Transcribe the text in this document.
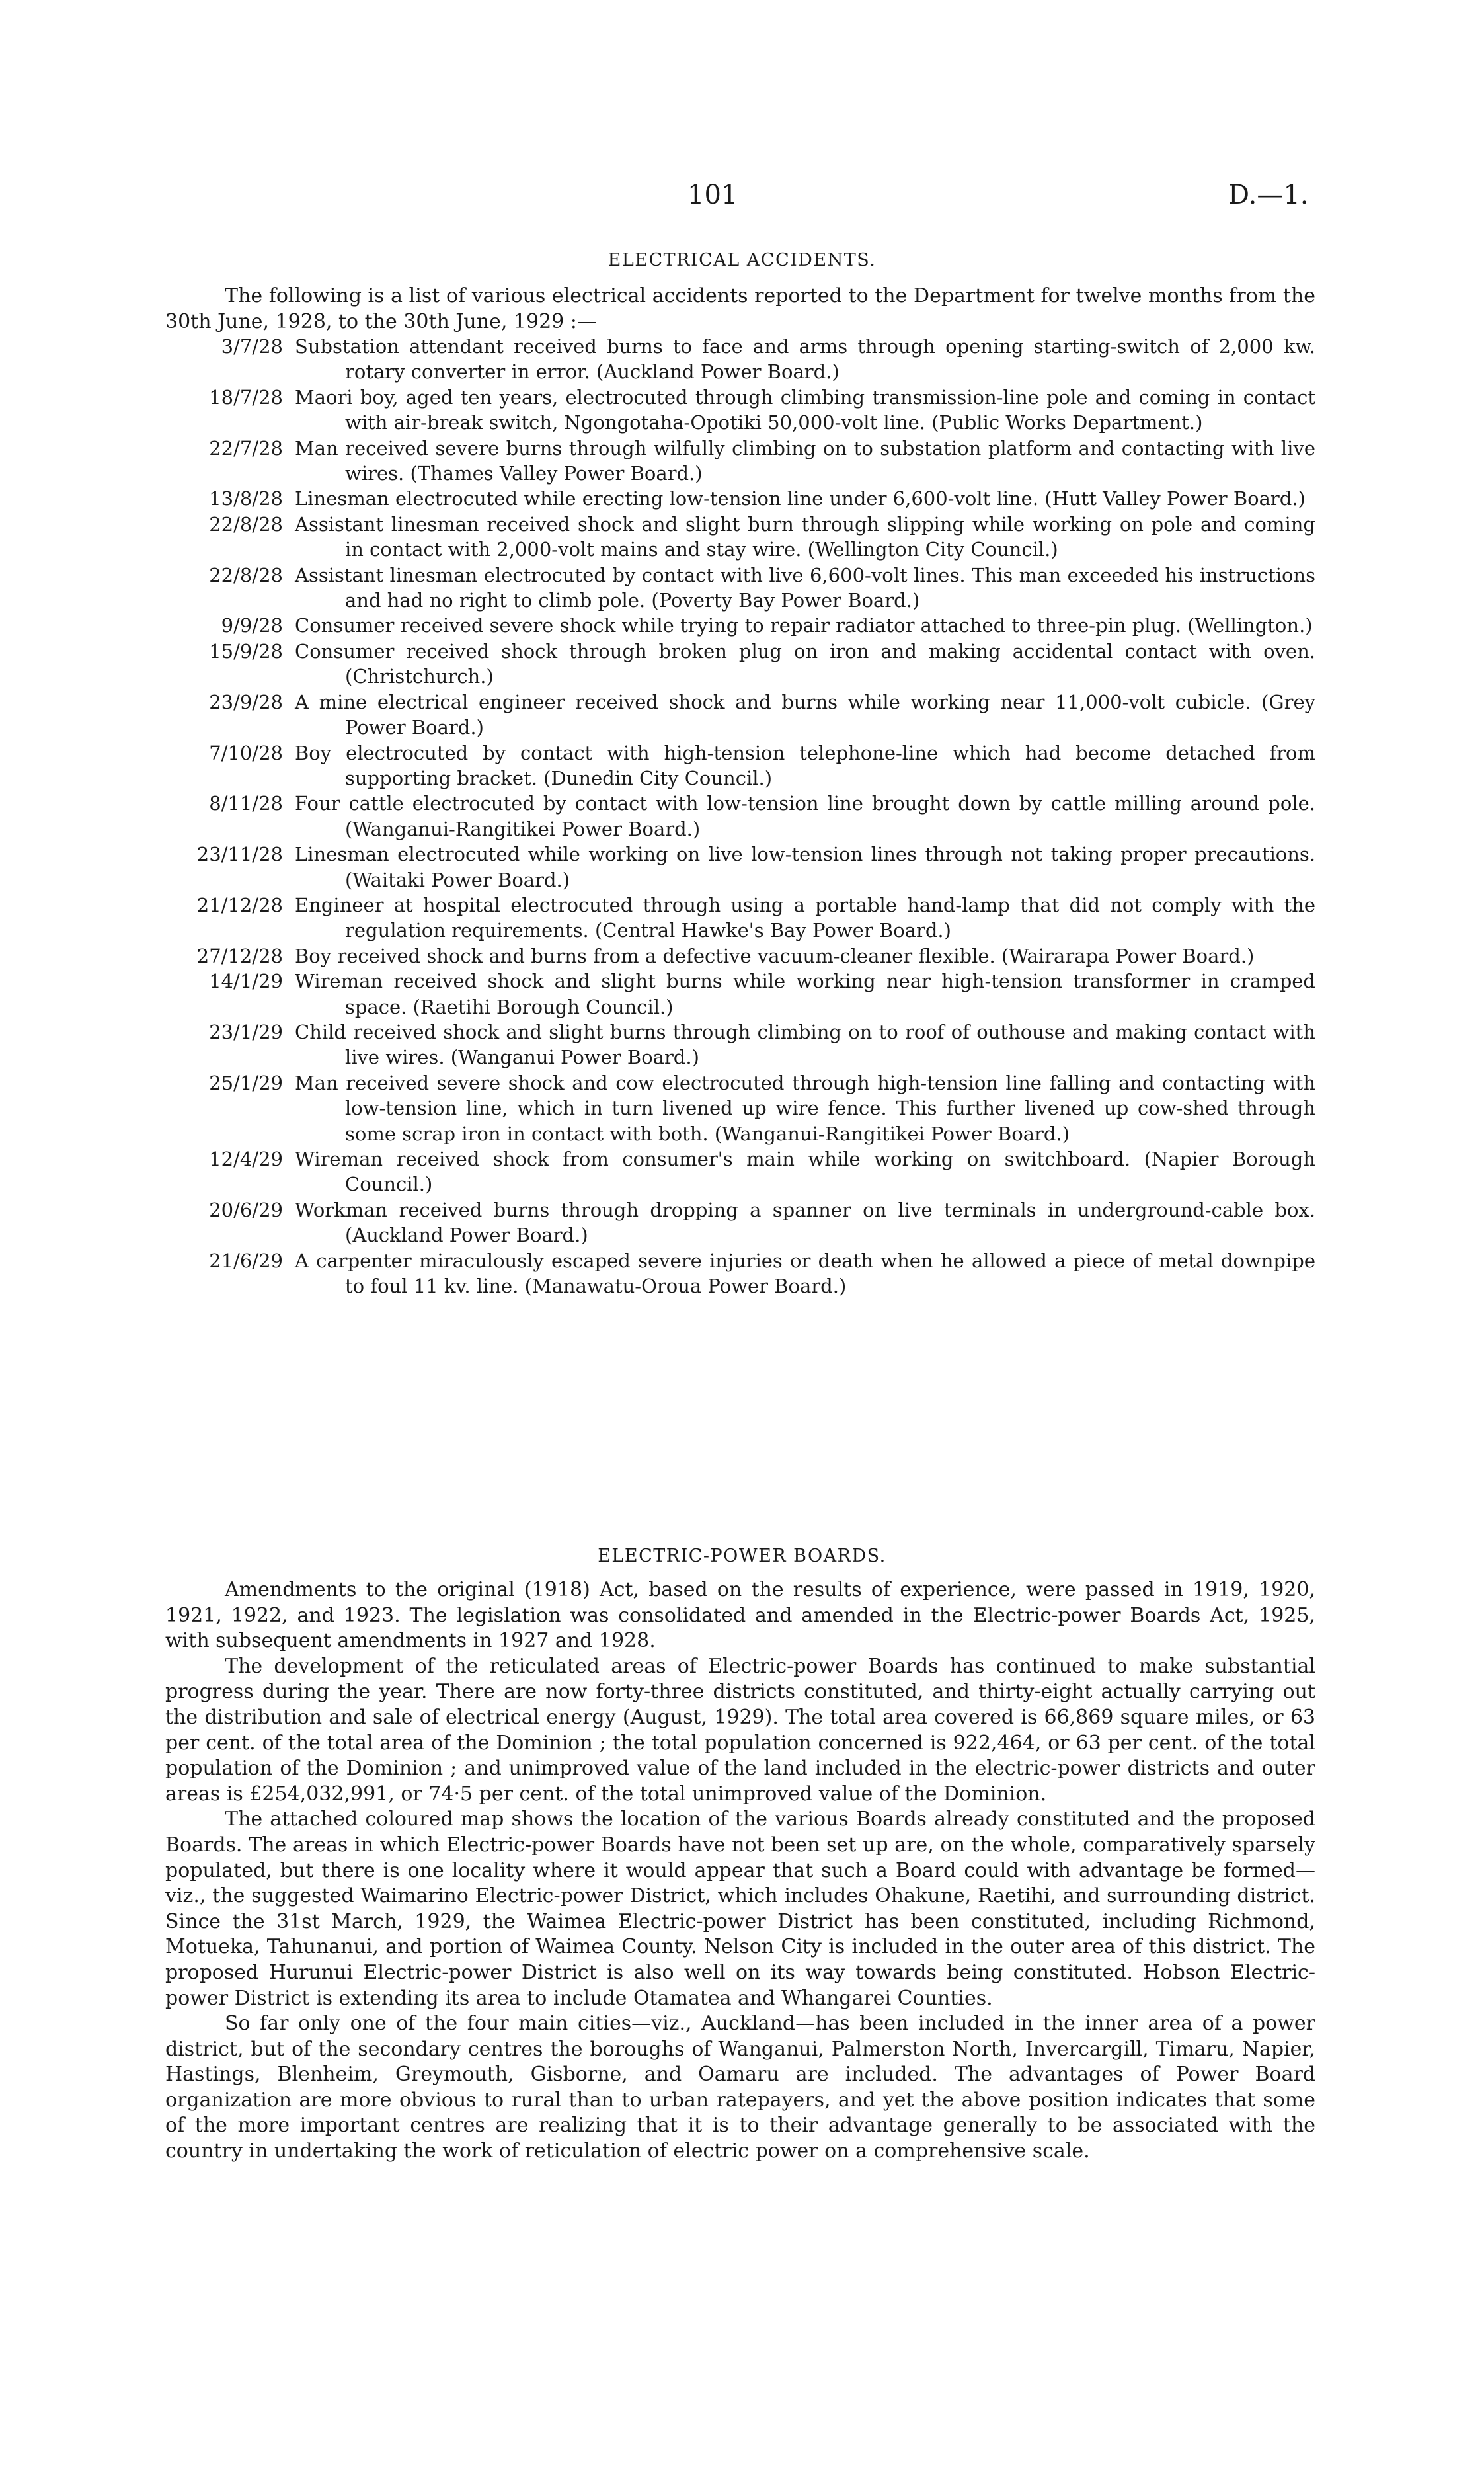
101	D.—1.
ELECTRICAL ACCIDENTS.
The following is a list of various electrical accidents reported to the Department for twelve months from the 30th June, 1928, to the 30th June, 1929 :—
3/7/28 Substation attendant received burns to face and arms through opening starting-switch of 2,000 kw. rotary converter in error. (Auckland Power Board.)
18/7/28 Maori boy, aged ten years, electrocuted through climbing transmission-line pole and coming in contact with air-break switch, Ngongotaha-Opotiki 50,000-volt line. (Public Works Department.)
22/7/28 Man received severe burns through wilfully climbing on to substation platform and contacting with live wires. (Thames Valley Power Board.)
13/8/28 Linesman electrocuted while erecting low-tension line under 6,600-volt line. (Hutt Valley Power Board.)
22/8/28 Assistant linesman received shock and slight burn through slipping while working on pole and coming in contact with 2,000-volt mains and stay wire. (Wellington City Council.)
22/8/28 Assistant linesman electrocuted by contact with live 6,600-volt lines. This man exceeded his instructions and had no right to climb pole. (Poverty Bay Power Board.)
9/9/28 Consumer received severe shock while trying to repair radiator attached to three-pin plug. (Wellington.)
15/9/28 Consumer received shock through broken plug on iron and making accidental contact with oven. (Christchurch.)
23/9/28 A mine electrical engineer received shock and burns while working near 11,000-volt cubicle. (Grey Power Board.)
7/10/28 Boy electrocuted by contact with high-tension telephone-line which had become detached from supporting bracket. (Dunedin City Council.)
8/11/28 Four cattle electrocuted by contact with low-tension line brought down by cattle milling around pole. (Wanganui-Rangitikei Power Board.)
23/11/28 Linesman electrocuted while working on live low-tension lines through not taking proper precautions. (Waitaki Power Board.)
21/12/28 Engineer at hospital electrocuted through using a portable hand-lamp that did not comply with the regulation requirements. (Central Hawke's Bay Power Board.)
27/12/28 Boy received shock and burns from a defective vacuum-cleaner flexible. (Wairarapa Power Board.)
14/1/29 Wireman received shock and slight burns while working near high-tension transformer in cramped space. (Raetihi Borough Council.)
23/1/29 Child received shock and slight burns through climbing on to roof of outhouse and making contact with live wires. (Wanganui Power Board.)
25/1/29 Man received severe shock and cow electrocuted through high-tension line falling and contacting with low-tension line, which in turn livened up wire fence. This further livened up cow-shed through some scrap iron in contact with both. (Wanganui-Rangitikei Power Board.)
12/4/29 Wireman received shock from consumer's main while working on switchboard. (Napier Borough Council.)
20/6/29 Workman received burns through dropping a spanner on live terminals in underground-cable box. (Auckland Power Board.)
21/6/29 A carpenter miraculously escaped severe injuries or death when he allowed a piece of metal downpipe to foul 11 kv. line. (Manawatu-Oroua Power Board.)
ELECTRIC-POWER BOARDS.

Amendments to the original (1918) Act, based on the results of experience, were passed in 1919, 1920, 1921, 1922, and 1923. The legislation was consolidated and amended in the Electric-power Boards Act, 1925, with subsequent amendments in 1927 and 1928.

The development of the reticulated areas of Electric-power Boards has continued to make substantial progress during the year. There are now forty-three districts constituted, and thirty-eight actually carrying out the distribution and sale of electrical energy (August, 1929). The total area covered is 66,869 square miles, or 63 per cent. of the total area of the Dominion ; the total population concerned is 922,464, or 63 per cent. of the total population of the Dominion ; and unimproved value of the land included in the electric-power districts and outer areas is £254,032,991, or 74·5 per cent. of the total unimproved value of the Dominion.

The attached coloured map shows the location of the various Boards already constituted and the proposed Boards. The areas in which Electric-power Boards have not been set up are, on the whole, comparatively sparsely populated, but there is one locality where it would appear that such a Board could with advantage be formed—viz., the suggested Waimarino Electric-power District, which includes Ohakune, Raetihi, and surrounding district. Since the 31st March, 1929, the Waimea Electric-power District has been constituted, including Richmond, Motueka, Tahunanui, and portion of Waimea County. Nelson City is included in the outer area of this district. The proposed Hurunui Electric-power District is also well on its way towards being constituted. Hobson Electric-power District is extending its area to include Otamatea and Whangarei Counties.

So far only one of the four main cities—viz., Auckland—has been included in the inner area of a power district, but of the secondary centres the boroughs of Wanganui, Palmerston North, Invercargill, Timaru, Napier, Hastings, Blenheim, Greymouth, Gisborne, and Oamaru are included. The advantages of Power Board organization are more obvious to rural than to urban ratepayers, and yet the above position indicates that some of the more important centres are realizing that it is to their advantage generally to be associated with the country in undertaking the work of reticulation of electric power on a comprehensive scale.
